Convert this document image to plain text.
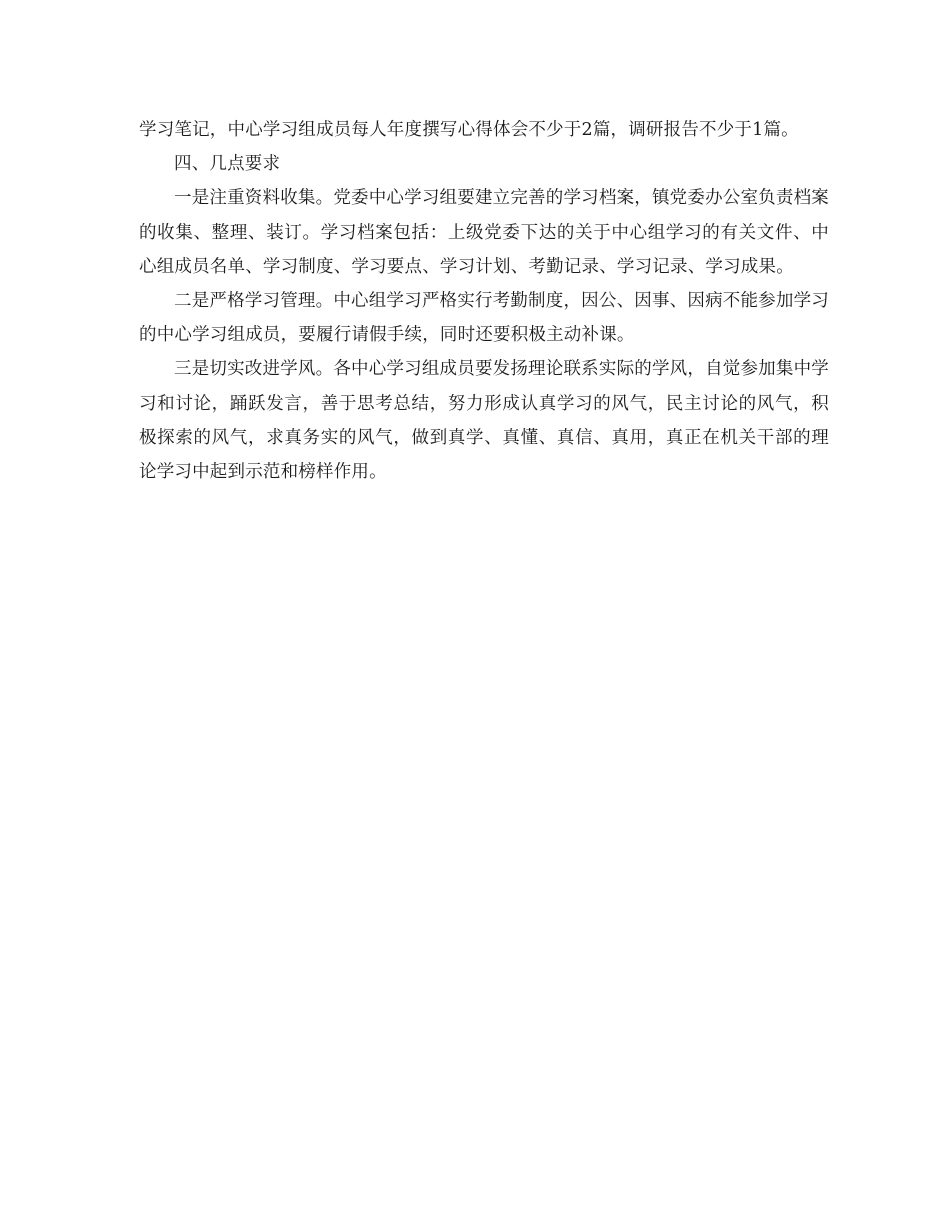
学习笔记，中心学习组成员每人年度撰写心得体会不少于2篇，调研报告不少于1篇。

四、几点要求

一是注重资料收集。党委中心学习组要建立完善的学习档案，镇党委办公室负责档案的收集、整理、装订。学习档案包括：上级党委下达的关于中心组学习的有关文件、中心组成员名单、学习制度、学习要点、学习计划、考勤记录、学习记录、学习成果。

二是严格学习管理。中心组学习严格实行考勤制度，因公、因事、因病不能参加学习的中心学习组成员，要履行请假手续，同时还要积极主动补课。

三是切实改进学风。各中心学习组成员要发扬理论联系实际的学风，自觉参加集中学习和讨论，踊跃发言，善于思考总结，努力形成认真学习的风气，民主讨论的风气，积极探索的风气，求真务实的风气，做到真学、真懂、真信、真用，真正在机关干部的理论学习中起到示范和榜样作用。
